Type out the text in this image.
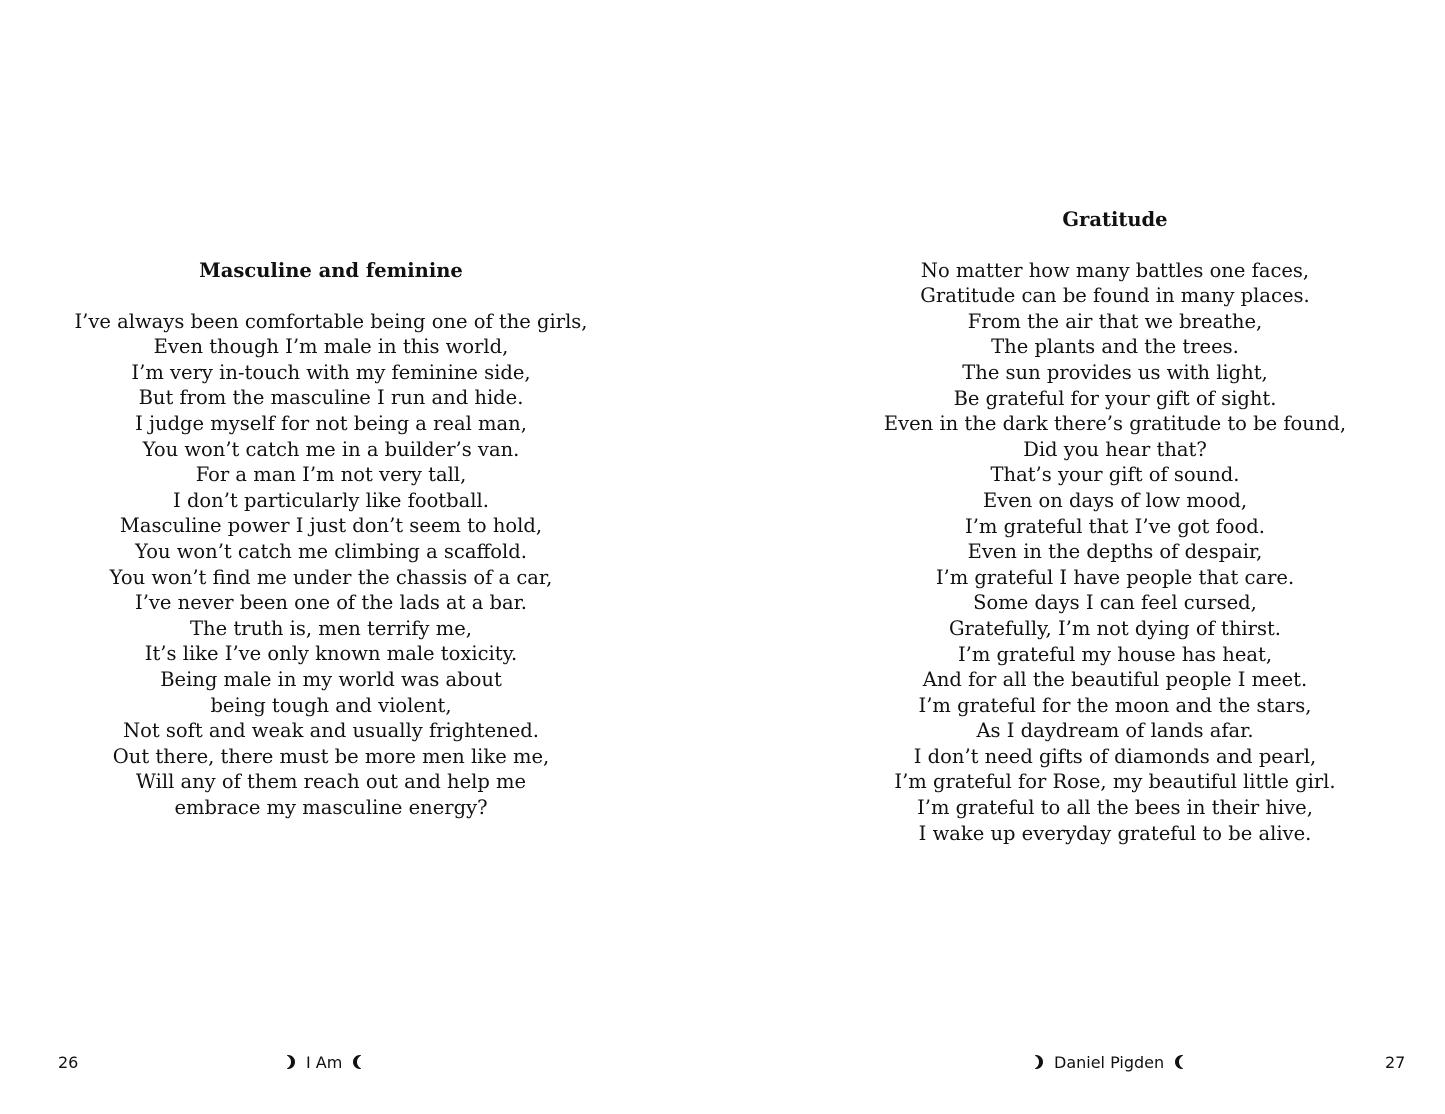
Masculine and feminine
I’ve always been comfortable being one of the girls,
Even though I’m male in this world,
I’m very in-touch with my feminine side,
But from the masculine I run and hide.
I judge myself for not being a real man,
You won’t catch me in a builder’s van.
For a man I’m not very tall,
I don’t particularly like football.
Masculine power I just don’t seem to hold,
You won’t catch me climbing a scaffold.
You won’t find me under the chassis of a car,
I’ve never been one of the lads at a bar.
The truth is, men terrify me,
It’s like I’ve only known male toxicity.
Being male in my world was about
being tough and violent,
Not soft and weak and usually frightened.
Out there, there must be more men like me,
Will any of them reach out and help me
embrace my masculine energy?
26	I Am
Gratitude
No matter how many battles one faces,
Gratitude can be found in many places.
From the air that we breathe,
The plants and the trees.
The sun provides us with light,
Be grateful for your gift of sight.
Even in the dark there’s gratitude to be found,
Did you hear that?
That’s your gift of sound.
Even on days of low mood,
I’m grateful that I’ve got food.
Even in the depths of despair,
I’m grateful I have people that care.
Some days I can feel cursed,
Gratefully, I’m not dying of thirst.
I’m grateful my house has heat,
And for all the beautiful people I meet.
I’m grateful for the moon and the stars,
As I daydream of lands afar.
I don’t need gifts of diamonds and pearl,
I’m grateful for Rose, my beautiful little girl.
I’m grateful to all the bees in their hive,
I wake up everyday grateful to be alive.
Daniel Pigden	27
